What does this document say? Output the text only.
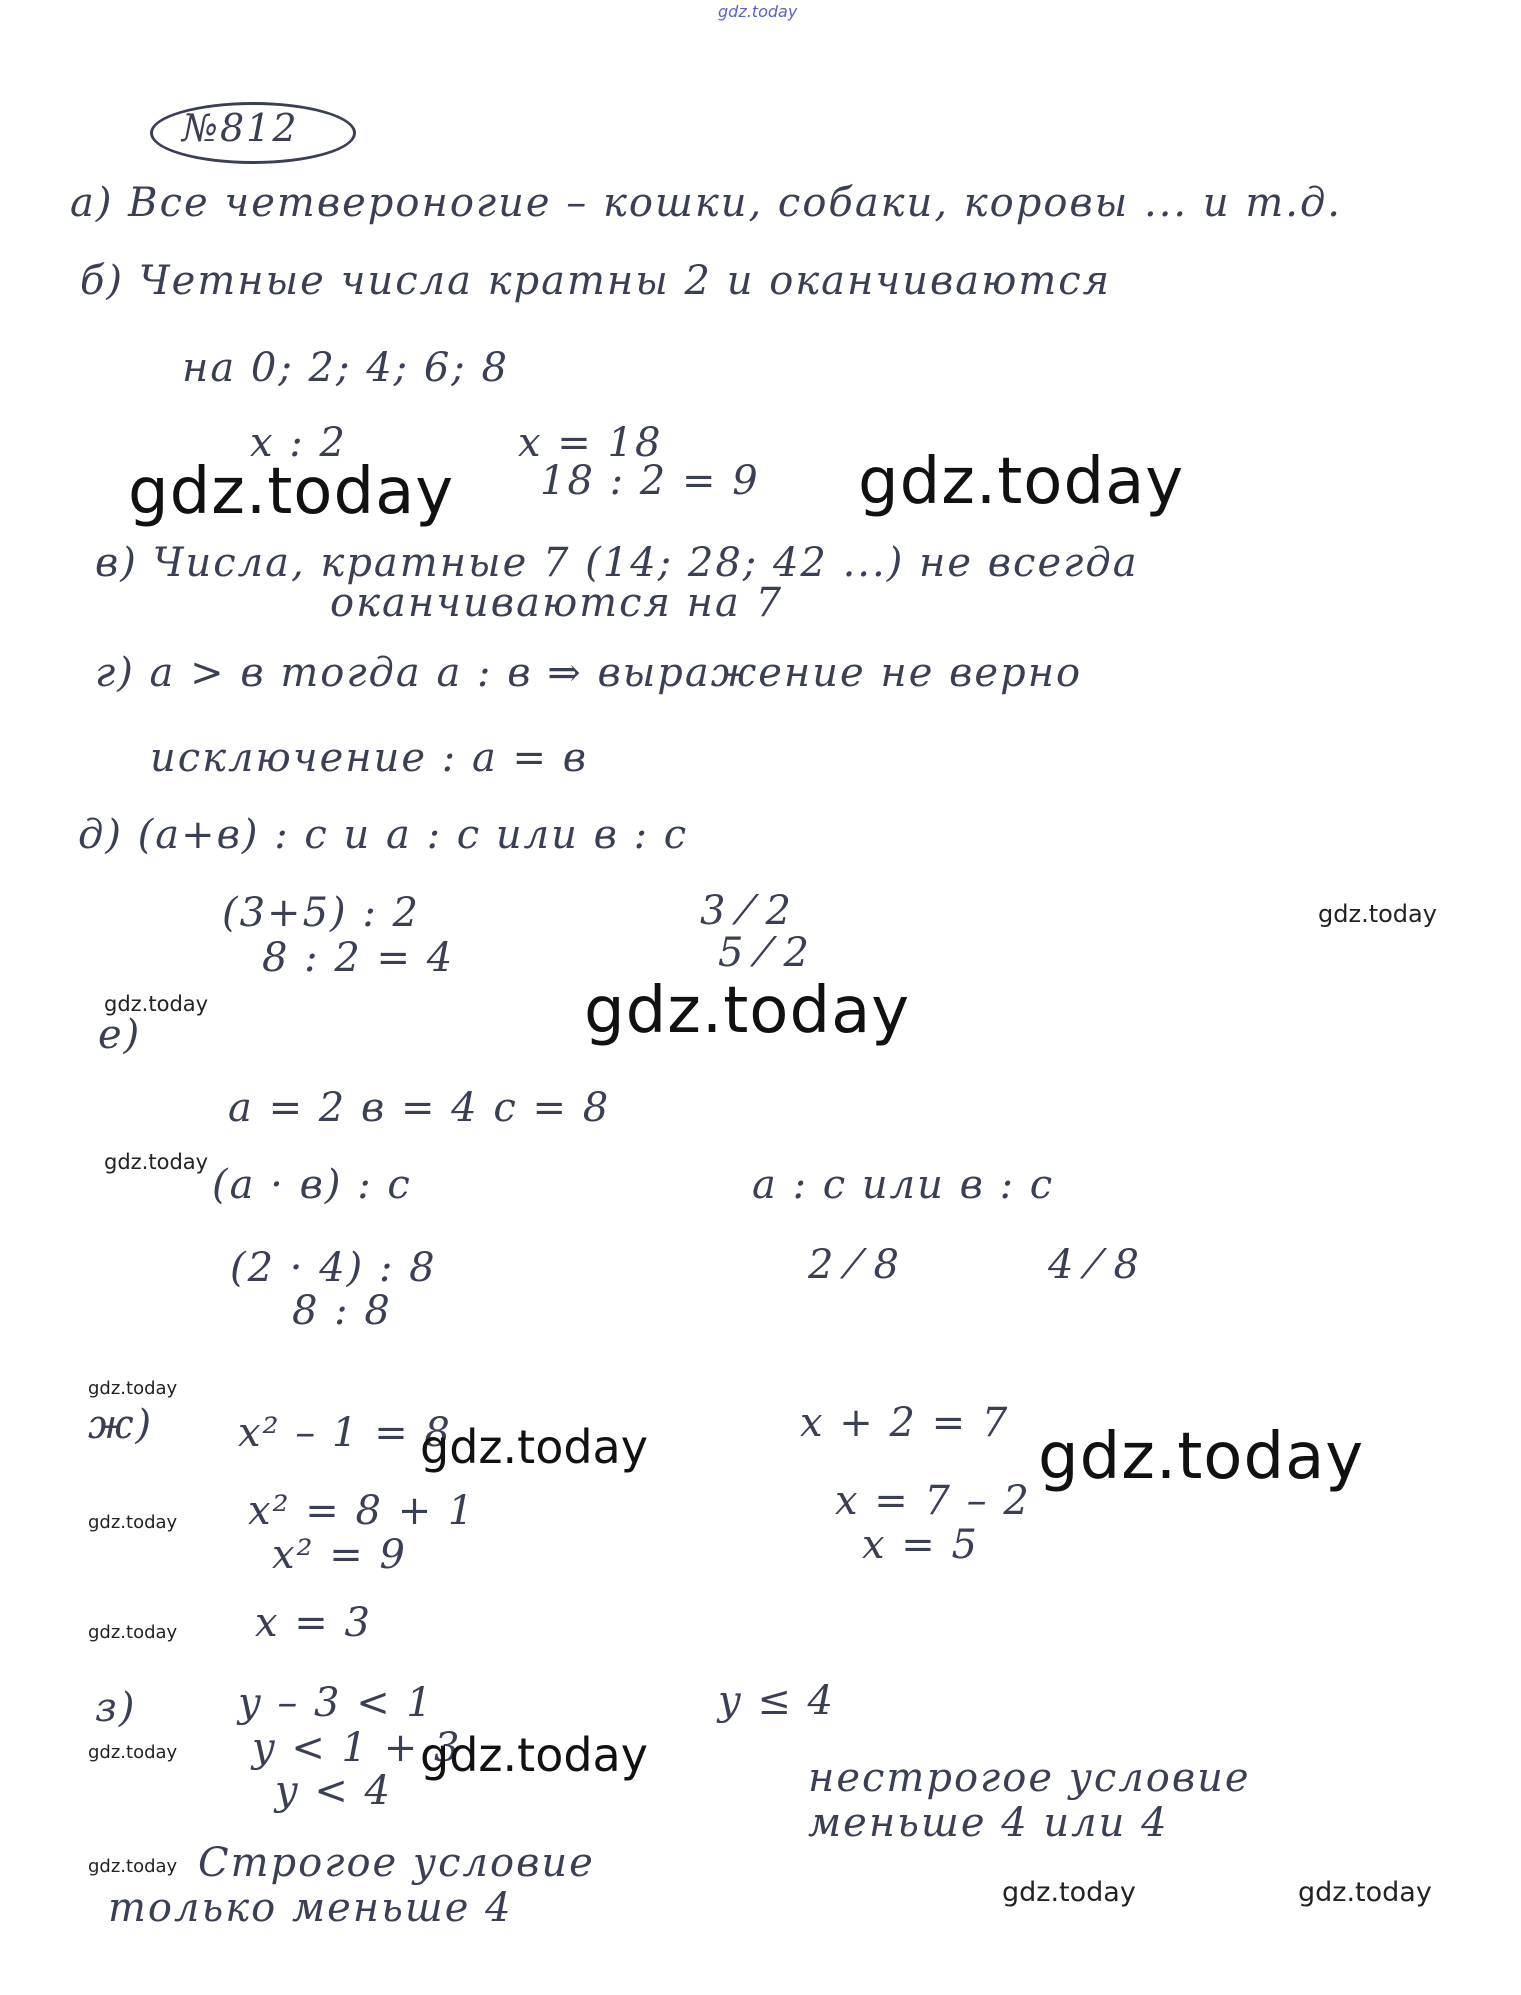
gdz.today
№812
а) Все четвероногие – кошки, собаки, коровы ... и т.д.
б) Четные числа кратны 2 и оканчиваются
на 0; 2; 4; 6; 8
x : 2	x = 18
18 : 2 = 9
gdz.today	gdz.today
в) Числа, кратные 7 (14; 28; 42 ...) не всегда
оканчиваются на 7
г) a > в тогда a : в ⇒ выражение не верно
исключение : a = в
д) (a+в) : c и a : c или в : c
(3+5) : 2
8 : 2 = 4
3 ⁄ 2
5 ⁄ 2
gdz.today
gdz.today
е)	gdz.today
a = 2 в = 4 c = 8
gdz.today (a · в) : c	a : c или в : c
(2 · 4) : 8
8 : 8
2 ⁄ 8	4 ⁄ 8
gdz.today
ж) x² – 1 = 8
gdz.today	x + 2 = 7 gdz.today
gdz.today x² = 8 + 1
x² = 9
x = 7 – 2
x = 5
gdz.today x = 3
з)
gdz.today
y – 3 < 1
y < 1 + 3
y < 4
gdz.today
y ≤ 4
нестрогое условие
меньше 4 или 4
gdz.today Строгое условие
только меньше 4	gdz.today	gdz.today
